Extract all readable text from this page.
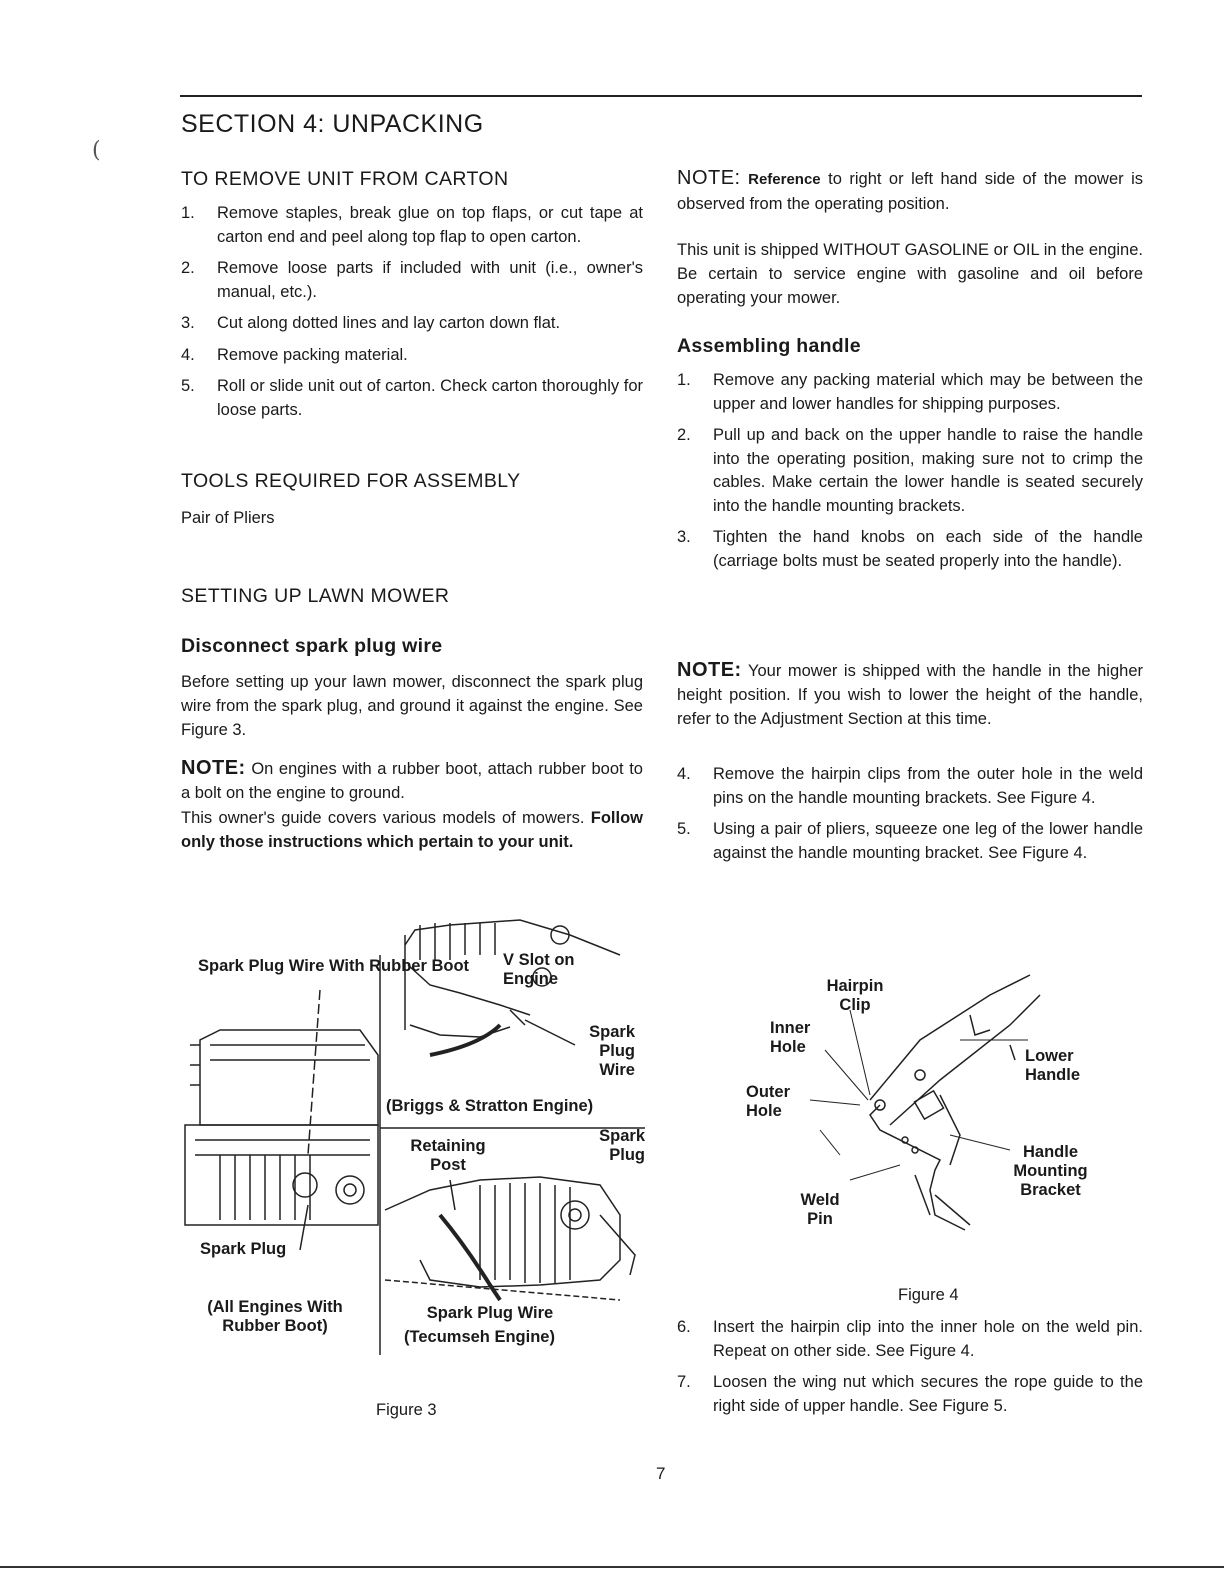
SECTION 4: UNPACKING
TO REMOVE UNIT FROM CARTON
1. Remove staples, break glue on top flaps, or cut tape at carton end and peel along top flap to open carton.
2. Remove loose parts if included with unit (i.e., owner's manual, etc.).
3. Cut along dotted lines and lay carton down flat.
4. Remove packing material.
5. Roll or slide unit out of carton. Check carton thoroughly for loose parts.
TOOLS REQUIRED FOR ASSEMBLY

Pair of Pliers

SETTING UP LAWN MOWER
Disconnect spark plug wire

Before setting up your lawn mower, disconnect the spark plug wire from the spark plug, and ground it against the engine. See Figure 3.

NOTE: On engines with a rubber boot, attach rubber boot to a bolt on the engine to ground.

This owner's guide covers various models of mowers. Follow only those instructions which pertain to your unit.

Spark Plug Wire With Rubber Boot V Slot on Engine
Spark Plug Wire
(Briggs & Stratton Engine)
Retaining Post
Spark Plug
Spark Plug
(All Engines With Rubber Boot)
Spark Plug Wire
(Tecumseh Engine)
Figure 3

NOTE: Reference to right or left hand side of the mower is observed from the operating position.

This unit is shipped WITHOUT GASOLINE or OIL in the engine. Be certain to service engine with gasoline and oil before operating your mower.

Assembling handle
1. Remove any packing material which may be between the upper and lower handles for shipping purposes.
2. Pull up and back on the upper handle to raise the handle into the operating position, making sure not to crimp the cables. Make certain the lower handle is seated securely into the handle mounting brackets.
3. Tighten the hand knobs on each side of the handle (carriage bolts must be seated properly into the handle).

NOTE: Your mower is shipped with the handle in the higher height position. If you wish to lower the height of the handle, refer to the Adjustment Section at this time.

4. Remove the hairpin clips from the outer hole in the weld pins on the handle mounting brackets. See Figure 4.
5. Using a pair of pliers, squeeze one leg of the lower handle against the handle mounting bracket. See Figure 4.
6. Insert the hairpin clip into the inner hole on the weld pin. Repeat on other side. See Figure 4.
7. Loosen the wing nut which secures the rope guide to the right side of upper handle. See Figure 5.
Hairpin Clip
Inner Hole
Outer Hole
Lower Handle
Handle Mounting Bracket
Weld Pin
Figure 4
7
(
